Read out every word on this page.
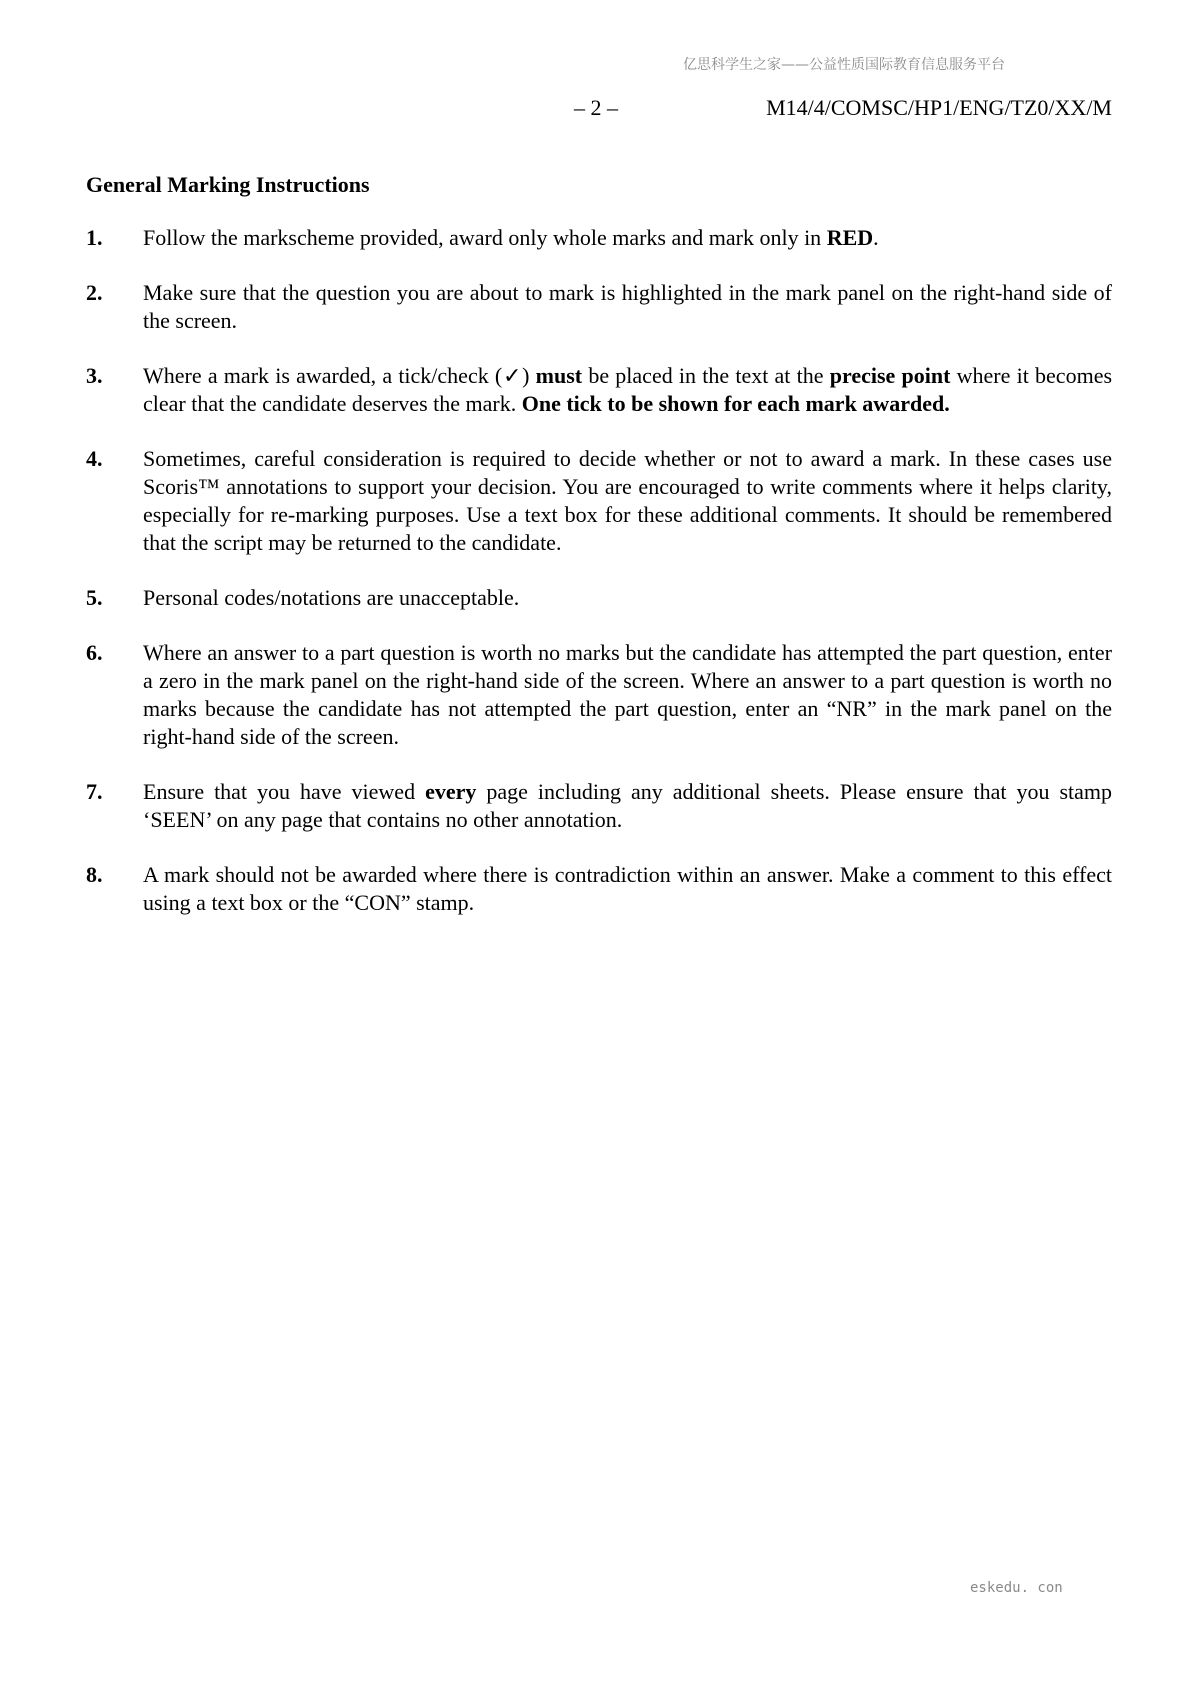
亿思科学生之家——公益性质国际教育信息服务平台
– 2 –	M14/4/COMSC/HP1/ENG/TZ0/XX/M
General Marking Instructions
1.	Follow the markscheme provided, award only whole marks and mark only in RED.
2.	Make sure that the question you are about to mark is highlighted in the mark panel on the right-hand side of the screen.
3.	Where a mark is awarded, a tick/check (✓) must be placed in the text at the precise point where it becomes clear that the candidate deserves the mark. One tick to be shown for each mark awarded.
4.	Sometimes, careful consideration is required to decide whether or not to award a mark. In these cases use Scoris™ annotations to support your decision. You are encouraged to write comments where it helps clarity, especially for re-marking purposes. Use a text box for these additional comments. It should be remembered that the script may be returned to the candidate.
5.	Personal codes/notations are unacceptable.
6.	Where an answer to a part question is worth no marks but the candidate has attempted the part question, enter a zero in the mark panel on the right-hand side of the screen. Where an answer to a part question is worth no marks because the candidate has not attempted the part question, enter an “NR” in the mark panel on the right-hand side of the screen.
7.	Ensure that you have viewed every page including any additional sheets. Please ensure that you stamp ‘SEEN’ on any page that contains no other annotation.
8.	A mark should not be awarded where there is contradiction within an answer. Make a comment to this effect using a text box or the “CON” stamp.
eskedu. con
